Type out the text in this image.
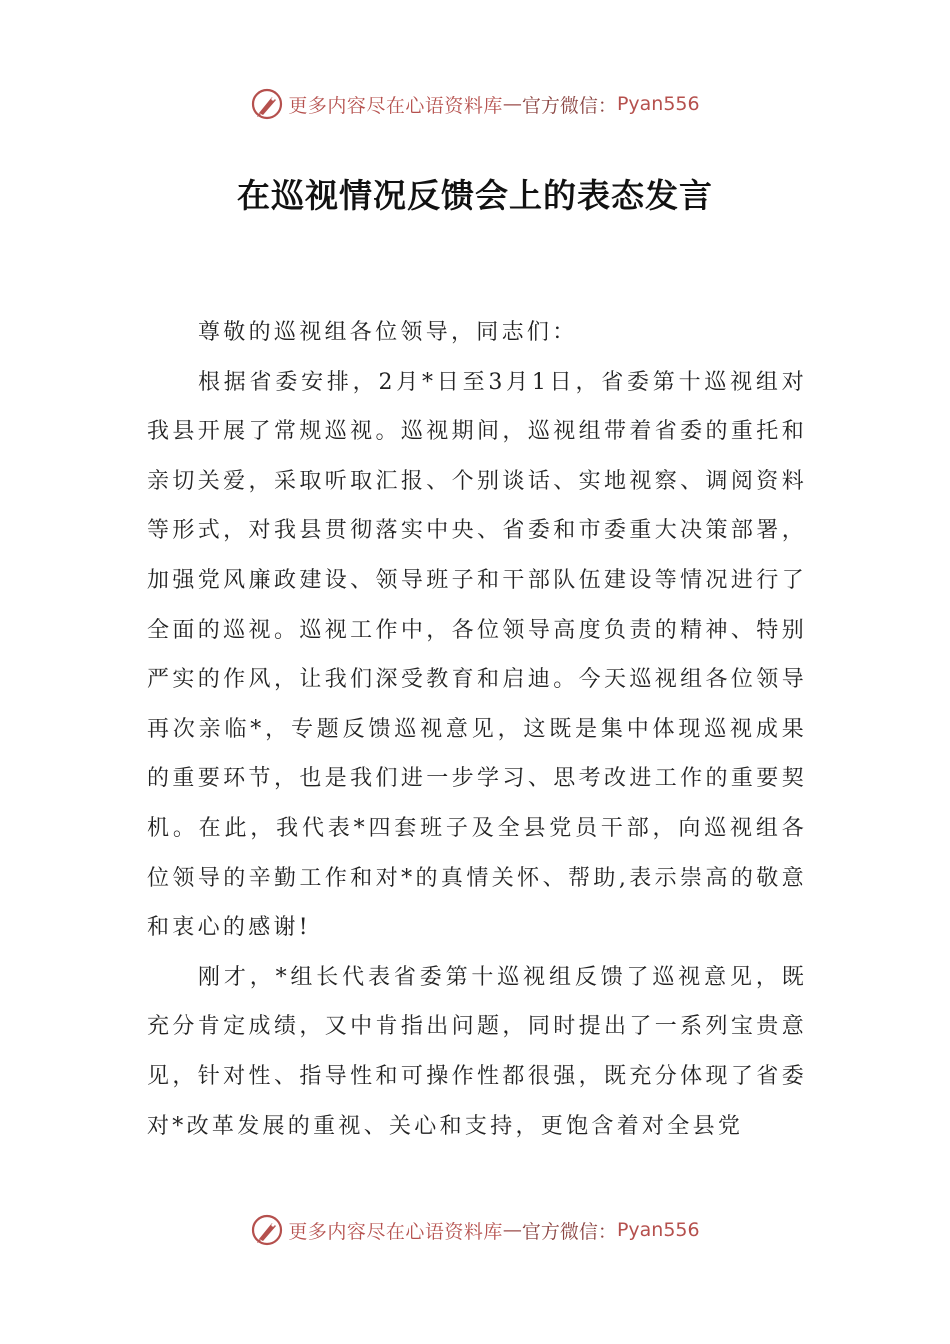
更多内容尽在心语资料库 — 官方微信： Pyan556
在巡视情况反馈会上的表态发言

尊敬的巡视组各位领导，同志们：

根据省委安排，2月*日至3月1日，省委第十巡视组对我县开展了常规巡视。巡视期间，巡视组带着省委的重托和亲切关爱，采取听取汇报、个别谈话、实地视察、调阅资料等形式，对我县贯彻落实中央、省委和市委重大决策部署，加强党风廉政建设、领导班子和干部队伍建设等情况进行了全面的巡视。巡视工作中，各位领导高度负责的精神、特别严实的作风，让我们深受教育和启迪。今天巡视组各位领导再次亲临*，专题反馈巡视意见，这既是集中体现巡视成果的重要环节，也是我们进一步学习、思考改进工作的重要契机。在此，我代表*四套班子及全县党员干部，向巡视组各位领导的辛勤工作和对*的真情关怀、帮助,表示崇高的敬意和衷心的感谢!

刚才，*组长代表省委第十巡视组反馈了巡视意见，既充分肯定成绩，又中肯指出问题，同时提出了一系列宝贵意见，针对性、指导性和可操作性都很强，既充分体现了省委对*改革发展的重视、关心和支持，更饱含着对全县党

更多内容尽在心语资料库 — 官方微信： Pyan556
